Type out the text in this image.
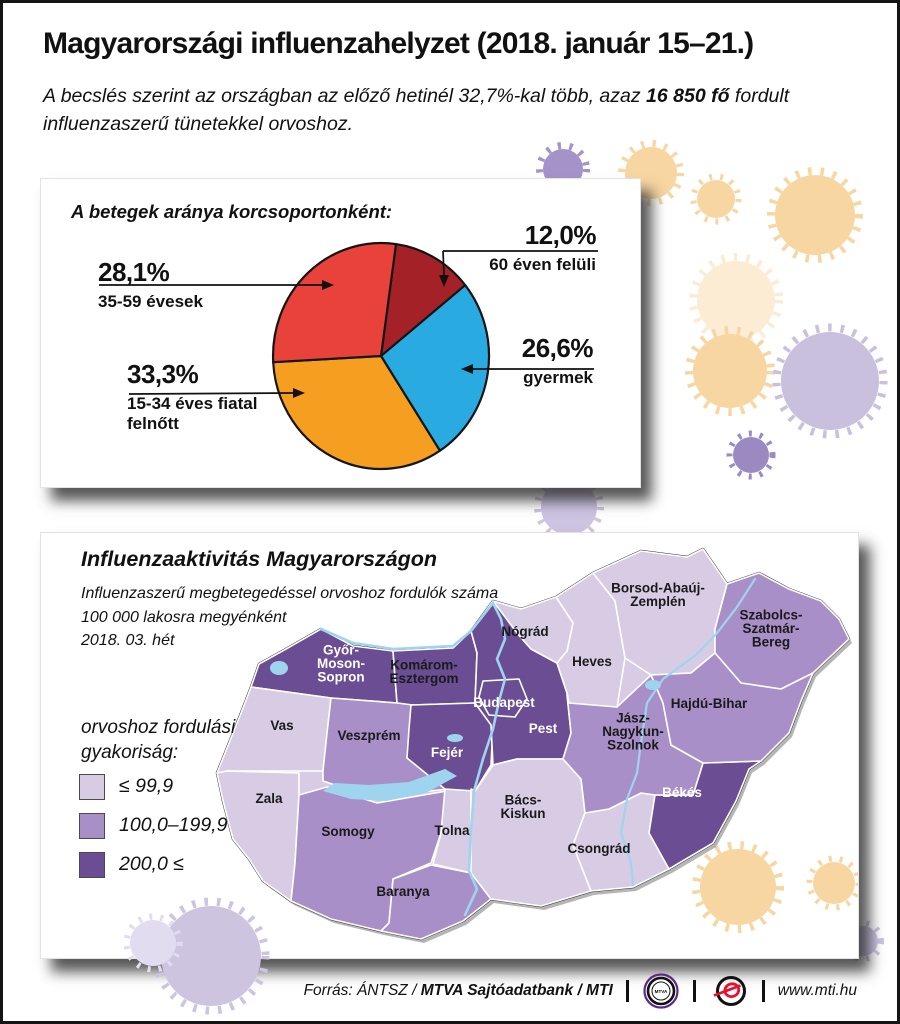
Magyarországi influenzahelyzet (2018. január 15–21.)
A becslés szerint az országban az előző hetinél 32,7%-kal több, azaz 16 850 fő fordult influenzaszerű tünetekkel orvoshoz.
A betegek aránya korcsoportonként:
28,1%
35-59 évesek
33,3%
15-34 éves fiatal
felnőtt
12,0%
60 éven felüli
26,6%
gyermek
Győr-Moson-Sopron
Komárom-Esztergom
Vas
Veszprém
Zala
Somogy	Tolna
Baranya
Fejér
Budapest
Pest
Bács-Kiskun
Csongrád
Békés
Jász-Nagykun-Szolnok
Heves
Nógrád
Borsod-Abaúj-Zemplén
Szabolcs-Szatmár-Bereg
Hajdú-Bihar
Influenzaaktivitás Magyarországon
Influenzaszerű megbetegedéssel orvoshoz fordulók száma
100 000 lakosra megyénként
2018. 03. hét
orvoshoz fordulási
gyakoriság:
≤ 99,9
100,0–199,9
200,0 ≤
Forrás: ÁNTSZ / MTVA Sajtóadatbank / MTI	MTVA	www.mti.hu
